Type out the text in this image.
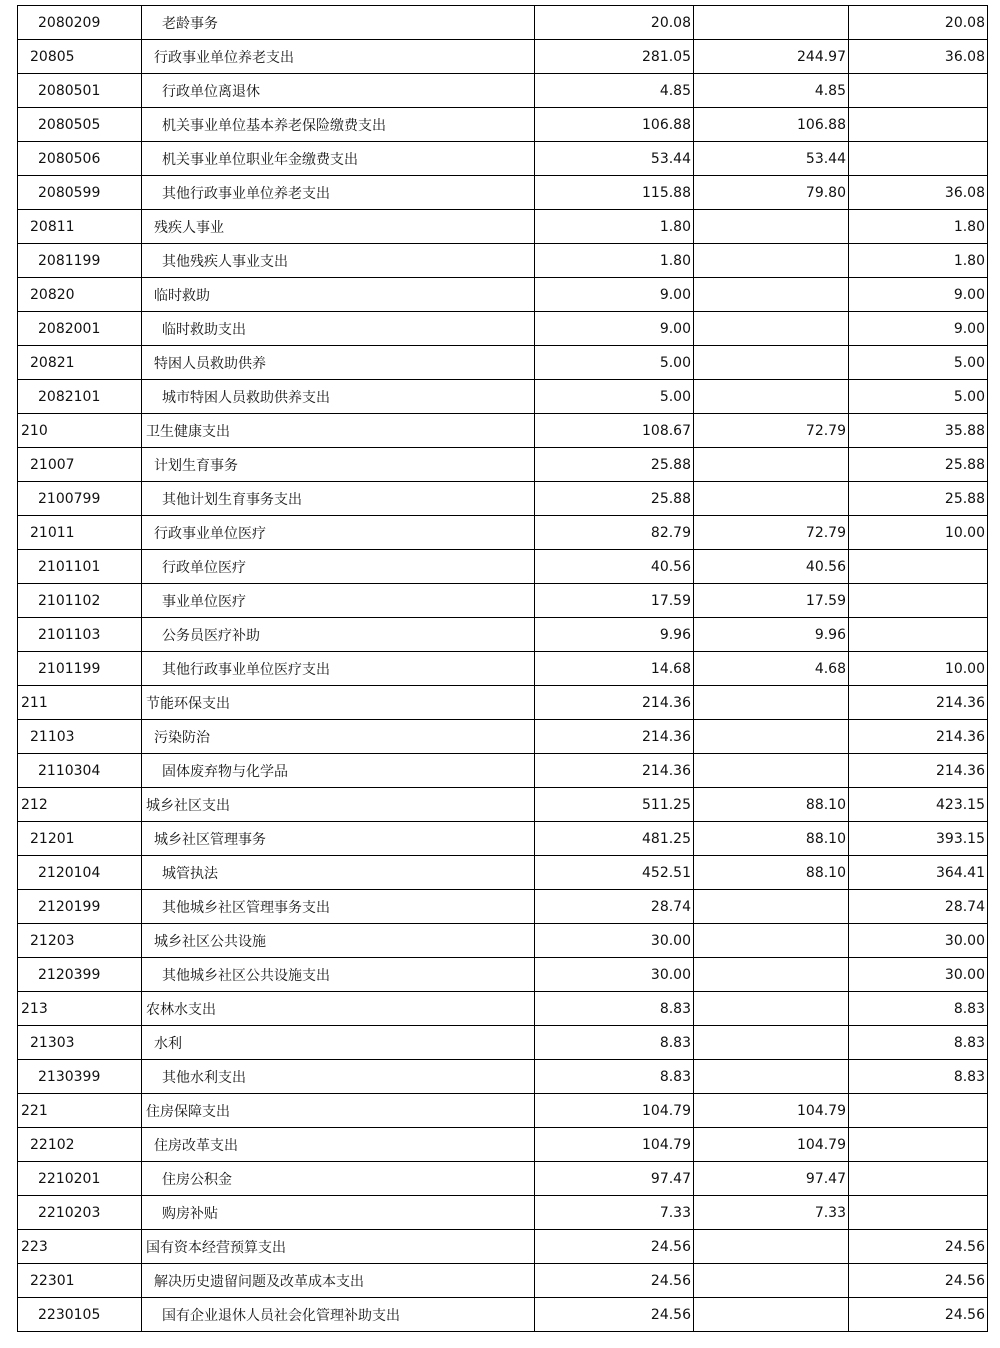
2080209	老龄事务	20.08		20.08
20805	行政事业单位养老支出	281.05	244.97	36.08
2080501	行政单位离退休	4.85	4.85	
2080505	机关事业单位基本养老保险缴费支出	106.88	106.88	
2080506	机关事业单位职业年金缴费支出	53.44	53.44	
2080599	其他行政事业单位养老支出	115.88	79.80	36.08
20811	残疾人事业	1.80		1.80
2081199	其他残疾人事业支出	1.80		1.80
20820	临时救助	9.00		9.00
2082001	临时救助支出	9.00		9.00
20821	特困人员救助供养	5.00		5.00
2082101	城市特困人员救助供养支出	5.00		5.00
210	卫生健康支出	108.67	72.79	35.88
21007	计划生育事务	25.88		25.88
2100799	其他计划生育事务支出	25.88		25.88
21011	行政事业单位医疗	82.79	72.79	10.00
2101101	行政单位医疗	40.56	40.56	
2101102	事业单位医疗	17.59	17.59	
2101103	公务员医疗补助	9.96	9.96	
2101199	其他行政事业单位医疗支出	14.68	4.68	10.00
211	节能环保支出	214.36		214.36
21103	污染防治	214.36		214.36
2110304	固体废弃物与化学品	214.36		214.36
212	城乡社区支出	511.25	88.10	423.15
21201	城乡社区管理事务	481.25	88.10	393.15
2120104	城管执法	452.51	88.10	364.41
2120199	其他城乡社区管理事务支出	28.74		28.74
21203	城乡社区公共设施	30.00		30.00
2120399	其他城乡社区公共设施支出	30.00		30.00
213	农林水支出	8.83		8.83
21303	水利	8.83		8.83
2130399	其他水利支出	8.83		8.83
221	住房保障支出	104.79	104.79	
22102	住房改革支出	104.79	104.79	
2210201	住房公积金	97.47	97.47	
2210203	购房补贴	7.33	7.33	
223	国有资本经营预算支出	24.56		24.56
22301	解决历史遗留问题及改革成本支出	24.56		24.56
2230105	国有企业退休人员社会化管理补助支出	24.56		24.56
